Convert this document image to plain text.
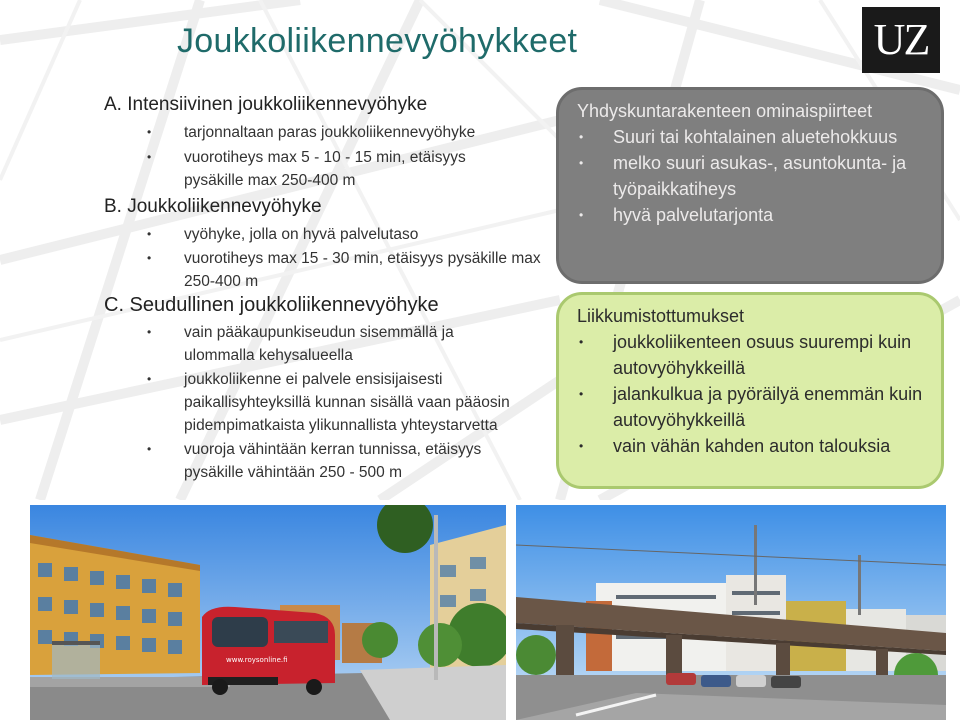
Joukkoliikennevyöhykkeet	UZ
A. Intensiivinen joukkoliikennevyöhyke
• tarjonnaltaan paras joukkoliikennevyöhyke
• vuorotiheys max 5 - 10 - 15 min, etäisyys pysäkille max 250-400 m
B. Joukkoliikennevyöhyke
• vyöhyke, jolla on hyvä palvelutaso
• vuorotiheys max 15 - 30 min, etäisyys pysäkille max 250-400 m
C. Seudullinen joukkoliikennevyöhyke
• vain pääkaupunkiseudun sisemmällä ja ulommalla kehysalueella
• joukkoliikenne ei palvele ensisijaisesti paikallisyhteyksillä kunnan sisällä vaan pääosin pidempimatkaista ylikunnallista yhteystarvetta
• vuoroja vähintään kerran tunnissa, etäisyys pysäkille vähintään 250 - 500 m
Yhdyskuntarakenteen ominaispiirteet
• Suuri tai kohtalainen aluetehokkuus
• melko suuri asukas-, asuntokunta- ja työpaikkatiheys
• hyvä palvelutarjonta
Liikkumistottumukset
• joukkoliikenteen osuus suurempi kuin autovyöhykkeillä
• jalankulkua ja pyöräilyä enemmän kuin autovyöhykkeillä
• vain vähän kahden auton talouksia
www.roysonline.fi
